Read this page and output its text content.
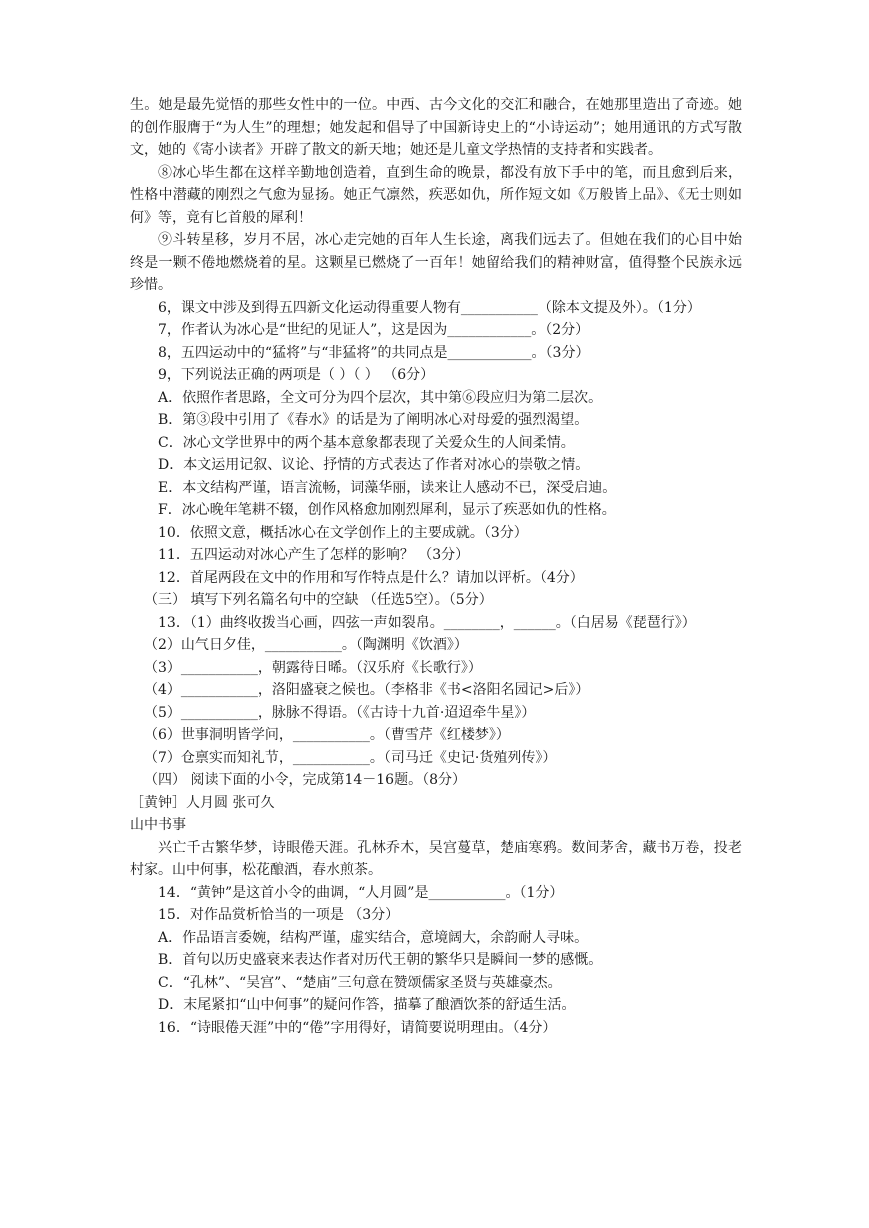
生。她是最先觉悟的那些女性中的一位。中西、古今文化的交汇和融合，在她那里造出了奇迹。她的创作服膺于“为人生”的理想；她发起和倡导了中国新诗史上的“小诗运动”；她用通讯的方式写散文，她的《寄小读者》开辟了散文的新天地；她还是儿童文学热情的支持者和实践者。

⑧冰心毕生都在这样辛勤地创造着，直到生命的晚景，都没有放下手中的笔，而且愈到后来，性格中潜藏的刚烈之气愈为显扬。她正气凛然，疾恶如仇，所作短文如《万般皆上品》、《无士则如何》等，竟有匕首般的犀利！

⑨斗转星移，岁月不居，冰心走完她的百年人生长途，离我们远去了。但她在我们的心目中始终是一颗不倦地燃烧着的星。这颗星已燃烧了一百年！她留给我们的精神财富，值得整个民族永远珍惜。

6，课文中涉及到得五四新文化运动得重要人物有___________（除本文提及外）。（1分）

7，作者认为冰心是“世纪的见证人”，这是因为____________。（2分）

8，五四运动中的“猛将”与“非猛将”的共同点是____________。（3分）

9，下列说法正确的两项是（ ）（ ） （6分）

A．依照作者思路，全文可分为四个层次，其中第⑥段应归为第二层次。

B．第③段中引用了《春水》的话是为了阐明冰心对母爱的强烈渴望。

C．冰心文学世界中的两个基本意象都表现了关爱众生的人间柔情。

D．本文运用记叙、议论、抒情的方式表达了作者对冰心的崇敬之情。

E．本文结构严谨，语言流畅，词藻华丽，读来让人感动不已，深受启迪。

F．冰心晚年笔耕不辍，创作风格愈加刚烈犀利，显示了疾恶如仇的性格。

10．依照文意，概括冰心在文学创作上的主要成就。（3分）

11．五四运动对冰心产生了怎样的影响？ （3分）

12．首尾两段在文中的作用和写作特点是什么？请加以评析。（4分）

（三） 填写下列名篇名句中的空缺 （任选5空）。（5分）

13．（1）曲终收拨当心画，四弦一声如裂帛。________，______。（白居易《琵琶行》）

（2）山气日夕佳，___________。（陶渊明《饮酒》）

（3）___________，朝露待日晞。（汉乐府《长歌行》）

（4）___________，洛阳盛衰之候也。（李格非《书<洛阳名园记>后》）

（5）___________，脉脉不得语。（《古诗十九首·迢迢牵牛星》）

（6）世事洞明皆学问，___________。（曹雪芹《红楼梦》）

（7）仓禀实而知礼节，___________。（司马迁《史记·货殖列传》）

（四） 阅读下面的小令，完成第14－16题。（8分）

［黄钟］人月圆 张可久

山中书事

兴亡千古繁华梦，诗眼倦天涯。孔林乔木，吴宫蔓草，楚庙寒鸦。数间茅舍，藏书万卷，投老村家。山中何事，松花酿酒，春水煎茶。

14．“黄钟”是这首小令的曲调，“人月圆”是___________。（1分）

15．对作品赏析恰当的一项是 （3分）

A．作品语言委婉，结构严谨，虚实结合，意境阔大，余韵耐人寻味。

B．首句以历史盛衰来表达作者对历代王朝的繁华只是瞬间一梦的感慨。

C．“孔林”、“吴宫”、“楚庙”三句意在赞颂儒家圣贤与英雄豪杰。

D．末尾紧扣“山中何事”的疑问作答，描摹了酿酒饮茶的舒适生活。

16．“诗眼倦天涯”中的“倦”字用得好，请简要说明理由。（4分）
